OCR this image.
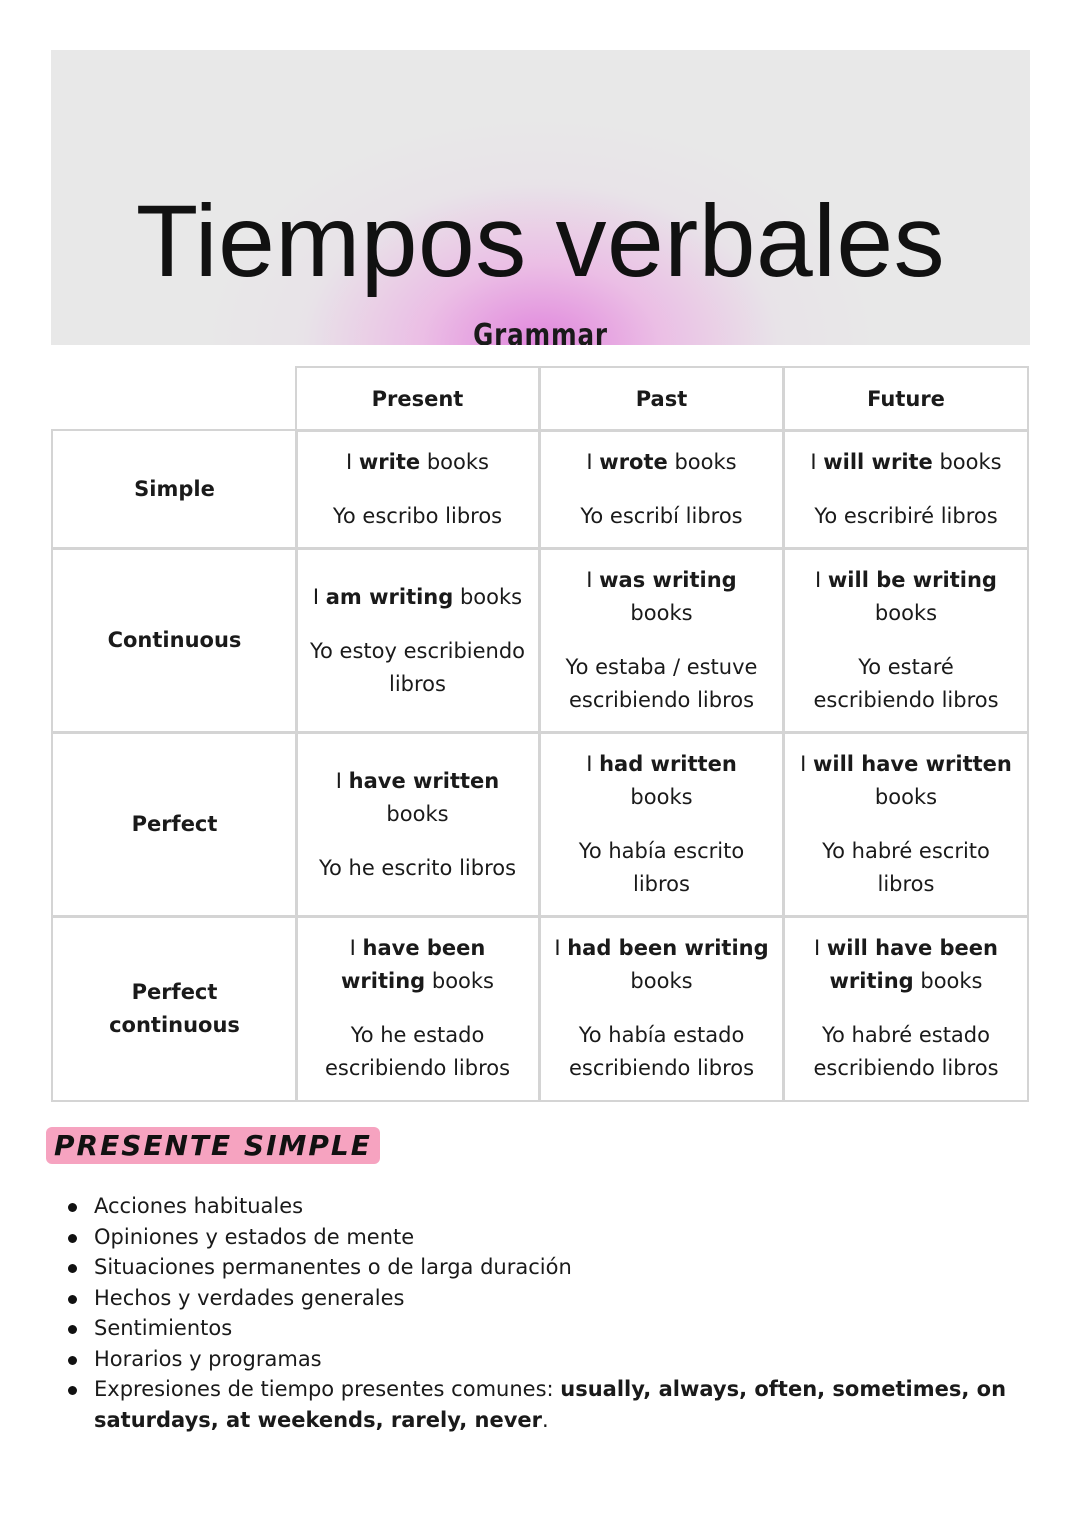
Tiempos verbales
Grammar
Present	Past	Future
Simple
I write books
Yo escribo libros
I wrote books
Yo escribí libros
I will write books
Yo escribiré libros
Continuous
I am writing books
Yo estoy escribiendo libros
I was writing books
Yo estaba / estuve escribiendo libros
I will be writing books
Yo estaré escribiendo libros
Perfect
I have written books
Yo he escrito libros
I had written books
Yo había escrito libros
I will have written books
Yo habré escrito libros
Perfect continuous
I have been writing books
Yo he estado escribiendo libros
I had been writing books
Yo había estado escribiendo libros
I will have been writing books
Yo habré estado escribiendo libros
PRESENTE SIMPLE
Acciones habituales
Opiniones y estados de mente
Situaciones permanentes o de larga duración
Hechos y verdades generales
Sentimientos
Horarios y programas
Expresiones de tiempo presentes comunes: usually, always, often, sometimes, on saturdays, at weekends, rarely, never.
